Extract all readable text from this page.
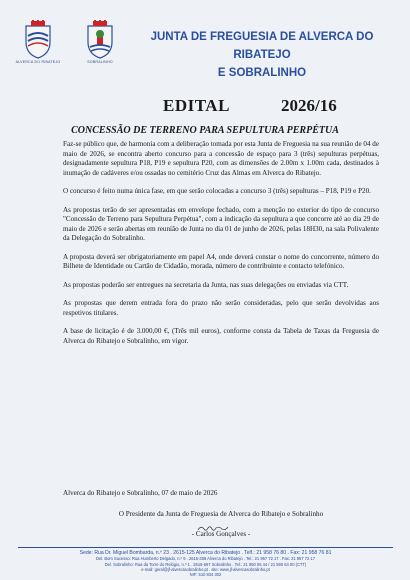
ALVERCA DO RIBATEJO	SOBRALINHO
JUNTA DE FREGUESIA DE ALVERCA DO RIBATEJO
E SOBRALINHO
EDITAL	2026/16
CONCESSÃO DE TERRENO PARA SEPULTURA PERPÉTUA

Faz-se público que, de harmonia com a deliberação tomada por esta Junta de Freguesia na sua reunião de 04 de maio de 2026, se encontra aberto concurso para a concessão de espaço para 3 (três) sepulturas perpétuas, designadamente sepultura P18, P19 e sepultura P20, com as dimensões de 2.00m x 1.00m cada, destinados à inumação de cadáveres e/ou ossadas no cemitério Cruz das Almas em Alverca do Ribatejo.

O concurso é feito numa única fase, em que serão colocadas a concurso 3 (três) sepulturas – P18, P19 e P20.

As propostas terão de ser apresentadas em envelope fechado, com a menção no exterior do tipo de concurso "Concessão de Terreno para Sepultura Perpétua", com a indicação da sepultura a que concorre até ao dia 29 de maio de 2026 e serão abertas em reunião de Junta no dia 01 de junho de 2026, pelas 18H30, na sala Polivalente da Delegação do Sobralinho.

A proposta deverá ser obrigatoriamente em papel A4, onde deverá constar o nome do concorrente, número do Bilhete de Identidade ou Cartão de Cidadão, morada, número de contribuinte e contacto telefónico.

As propostas poderão ser entregues na secretaria da Junta, nas suas delegações ou enviadas via CTT.

As propostas que derem entrada fora do prazo não serão consideradas, pelo que serão devolvidas aos respetivos titulares.

A base de licitação é de 3.000,00 €, (Três mil euros), conforme consta da Tabela de Taxas da Freguesia de Alverca do Ribatejo e Sobralinho, em vigor.

Alverca do Ribatejo e Sobralinho, 07 de maio de 2026
O Presidente da Junta de Freguesia de Alverca do Ribatejo e Sobralinho
- Carlos Gonçalves -
Sede: Rua Dr. Miguel Bombarda, n.º 23 . 2615-125 Alverca do Ribatejo . Telf.: 21 958 76 80 . Fax: 21 958 76 81
Del. Bom Sucesso: Rua Humberto Delgado, n.º 9 . 2615-308 Alverca do Ribatejo . Tel.: 21 957 72 17 . Fax: 21 957 72 17
Del. Sobralinho: Rua da Torre do Relógio, n.º 1 . 2615-697 Sobralinho . Tel.: 21 950 05 44 / 21 590 64 00 (CTT)
e-mail: geral@jf-alvercasobralinho.pt . site: www.jf-alvercasobralinho.pt
NIF: 510 834 302
